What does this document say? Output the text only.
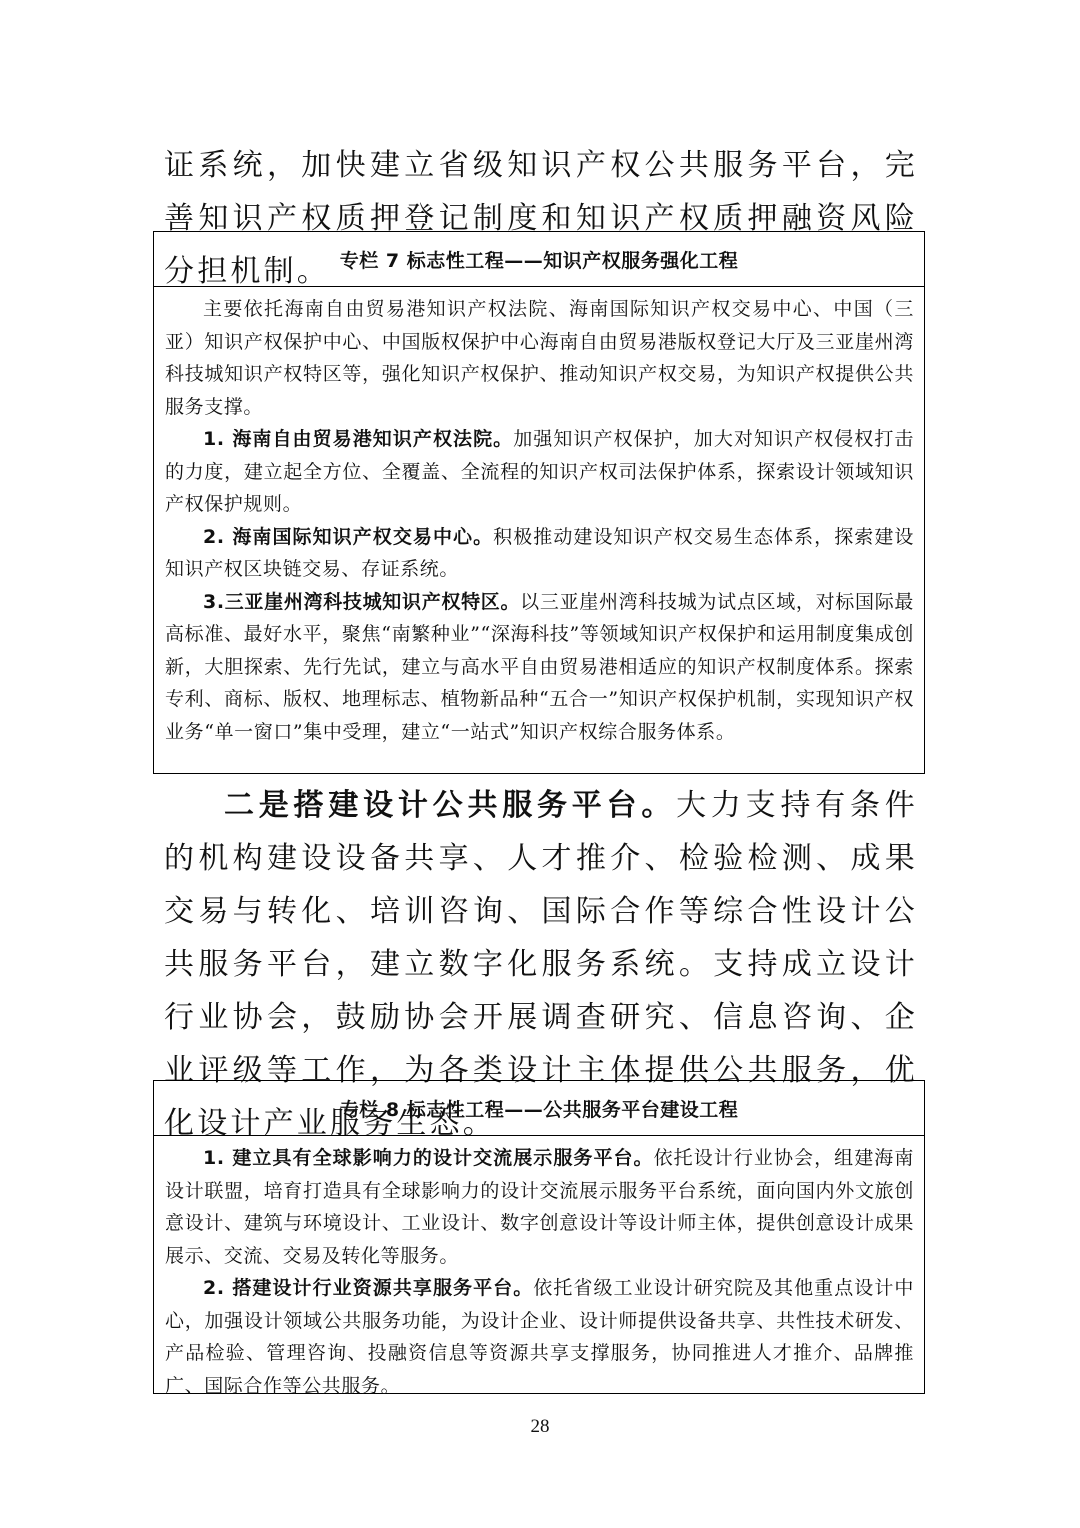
证系统，加快建立省级知识产权公共服务平台，完善知识产权质押登记制度和知识产权质押融资风险分担机制。 专栏 7 标志性工程——知识产权服务强化工程

主要依托海南自由贸易港知识产权法院、海南国际知识产权交易中心、中国（三亚）知识产权保护中心、中国版权保护中心海南自由贸易港版权登记大厅及三亚崖州湾科技城知识产权特区等，强化知识产权保护、推动知识产权交易，为知识产权提供公共服务支撑。

1. 海南自由贸易港知识产权法院。加强知识产权保护，加大对知识产权侵权打击的力度，建立起全方位、全覆盖、全流程的知识产权司法保护体系，探索设计领域知识产权保护规则。

2. 海南国际知识产权交易中心。积极推动建设知识产权交易生态体系，探索建设知识产权区块链交易、存证系统。

3.三亚崖州湾科技城知识产权特区。以三亚崖州湾科技城为试点区域，对标国际最高标准、最好水平，聚焦“南繁种业”“深海科技”等领域知识产权保护和运用制度集成创新，大胆探索、先行先试，建立与高水平自由贸易港相适应的知识产权制度体系。探索专利、商标、版权、地理标志、植物新品种“五合一”知识产权保护机制，实现知识产权业务“单一窗口”集中受理，建立“一站式”知识产权综合服务体系。

二是搭建设计公共服务平台。大力支持有条件的机构建设设备共享、人才推介、检验检测、成果交易与转化、培训咨询、国际合作等综合性设计公共服务平台，建立数字化服务系统。支持成立设计行业协会，鼓励协会开展调查研究、信息咨询、企业评级等工作，为各类设计主体提供公共服务，优化设计产业服务生态。

专栏 8 标志性工程——公共服务平台建设工程

1. 建立具有全球影响力的设计交流展示服务平台。依托设计行业协会，组建海南设计联盟，培育打造具有全球影响力的设计交流展示服务平台系统，面向国内外文旅创意设计、建筑与环境设计、工业设计、数字创意设计等设计师主体，提供创意设计成果展示、交流、交易及转化等服务。

2. 搭建设计行业资源共享服务平台。依托省级工业设计研究院及其他重点设计中心，加强设计领域公共服务功能，为设计企业、设计师提供设备共享、共性技术研发、产品检验、管理咨询、投融资信息等资源共享支撑服务，协同推进人才推介、品牌推广、国际合作等公共服务。

28
